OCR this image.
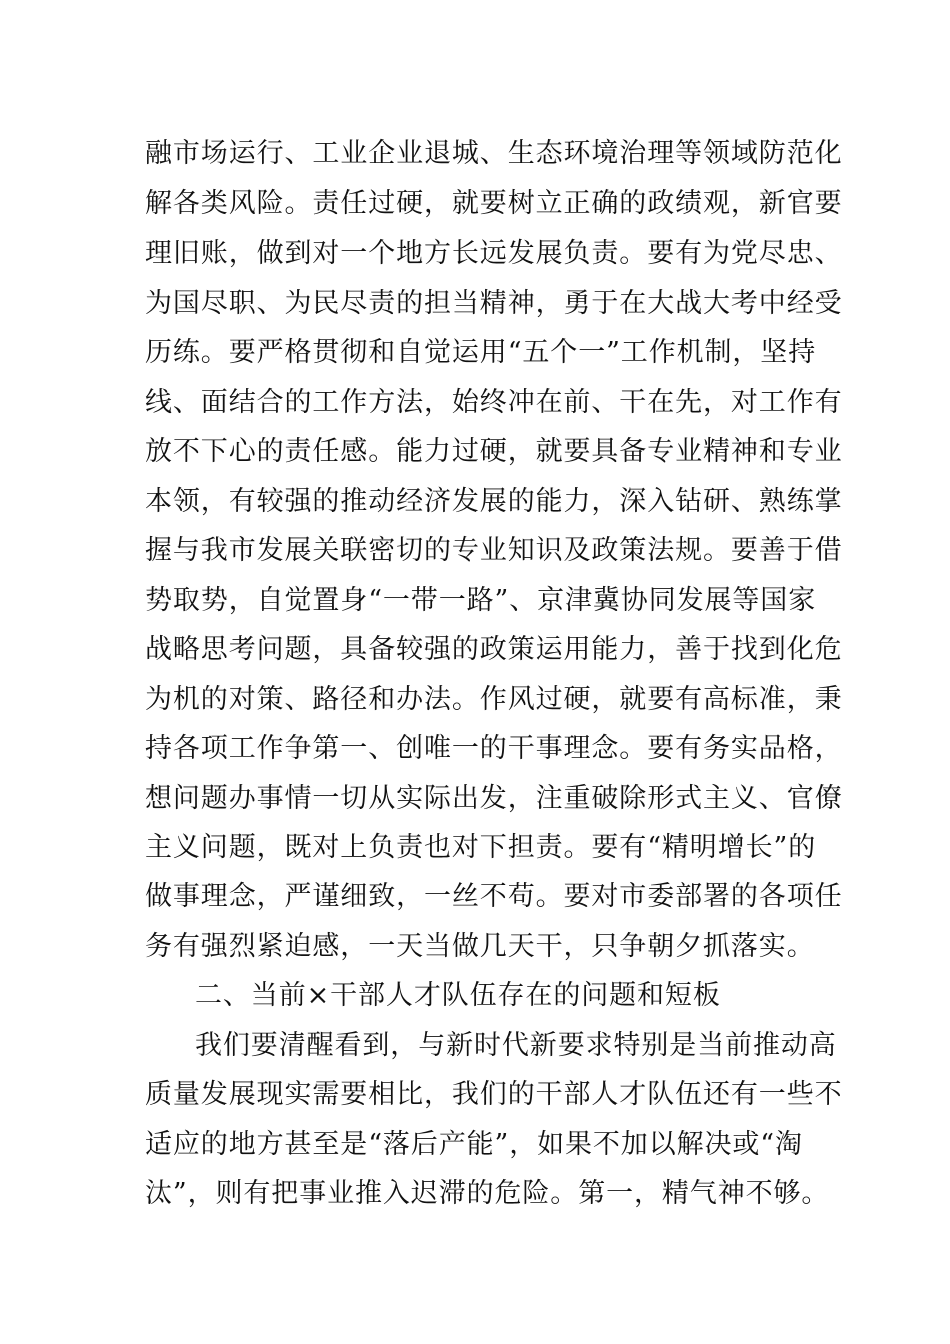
融市场运行、工业企业退城、生态环境治理等领域防范化
解各类风险。责任过硬，就要树立正确的政绩观，新官要
理旧账，做到对一个地方长远发展负责。要有为党尽忠、
为国尽职、为民尽责的担当精神，勇于在大战大考中经受
历练。要严格贯彻和自觉运用“五个一”工作机制，坚持
线、面结合的工作方法，始终冲在前、干在先，对工作有
放不下心的责任感。能力过硬，就要具备专业精神和专业
本领，有较强的推动经济发展的能力，深入钻研、熟练掌
握与我市发展关联密切的专业知识及政策法规。要善于借
势取势，自觉置身“一带一路”、京津冀协同发展等国家
战略思考问题，具备较强的政策运用能力，善于找到化危
为机的对策、路径和办法。作风过硬，就要有高标准，秉
持各项工作争第一、创唯一的干事理念。要有务实品格，
想问题办事情一切从实际出发，注重破除形式主义、官僚
主义问题，既对上负责也对下担责。要有“精明增长”的
做事理念，严谨细致，一丝不苟。要对市委部署的各项任
务有强烈紧迫感，一天当做几天干，只争朝夕抓落实。
二、当前×干部人才队伍存在的问题和短板
我们要清醒看到，与新时代新要求特别是当前推动高
质量发展现实需要相比，我们的干部人才队伍还有一些不
适应的地方甚至是“落后产能”，如果不加以解决或“淘
汰”，则有把事业推入迟滞的危险。第一，精气神不够。
